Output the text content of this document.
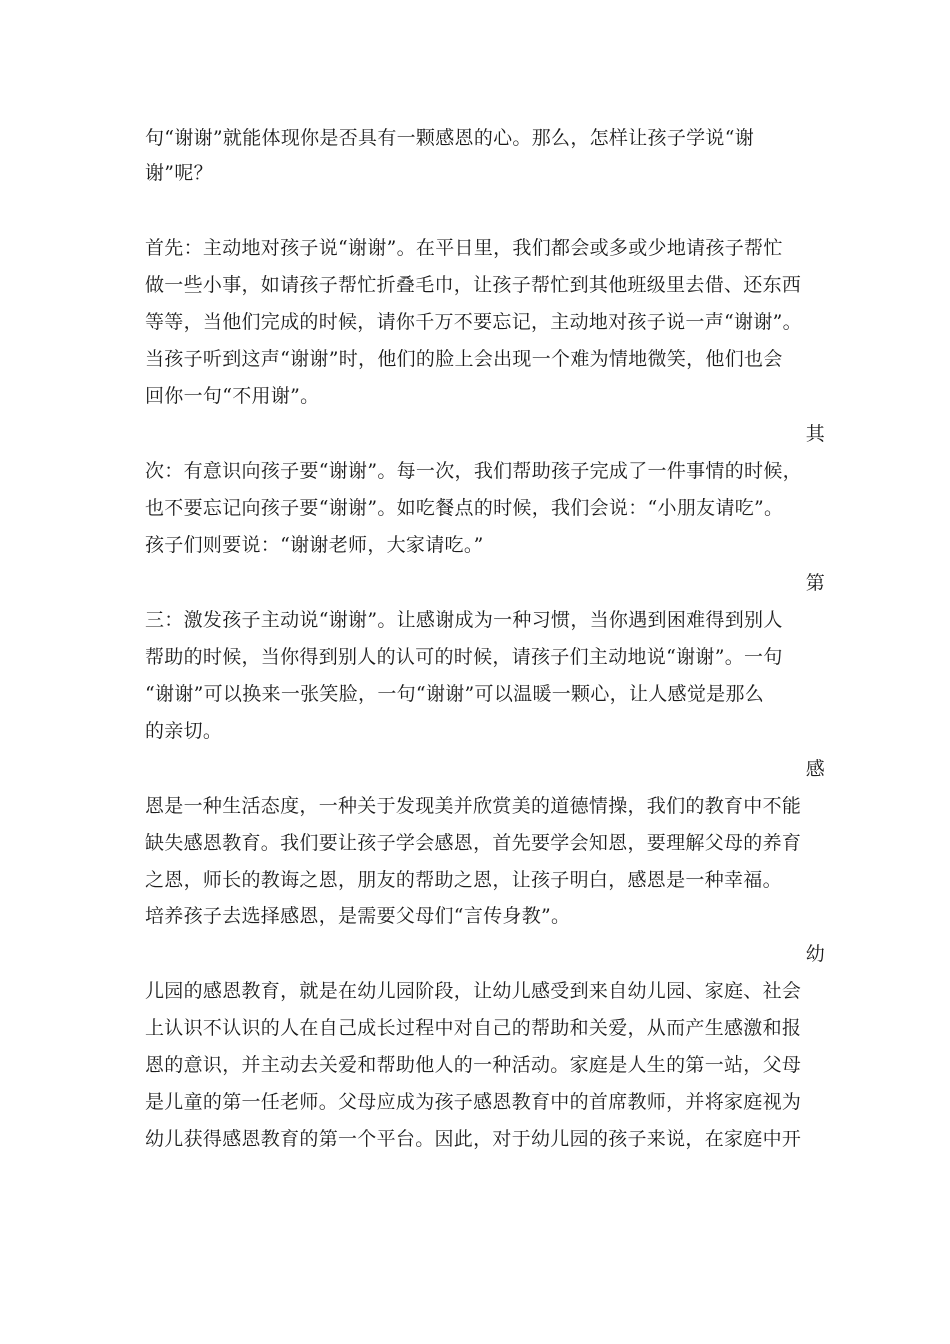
句“谢谢”就能体现你是否具有一颗感恩的心。那么，怎样让孩子学说“谢
谢”呢？
首先：主动地对孩子说“谢谢”。在平日里，我们都会或多或少地请孩子帮忙
做一些小事，如请孩子帮忙折叠毛巾，让孩子帮忙到其他班级里去借、还东西
等等，当他们完成的时候，请你千万不要忘记，主动地对孩子说一声“谢谢”。
当孩子听到这声“谢谢”时，他们的脸上会出现一个难为情地微笑，他们也会
回你一句“不用谢”。
其
次：有意识向孩子要“谢谢”。每一次，我们帮助孩子完成了一件事情的时候，
也不要忘记向孩子要“谢谢”。如吃餐点的时候，我们会说：“小朋友请吃”。
孩子们则要说：“谢谢老师，大家请吃。”
第
三：激发孩子主动说“谢谢”。让感谢成为一种习惯，当你遇到困难得到别人
帮助的时候，当你得到别人的认可的时候，请孩子们主动地说“谢谢”。一句
“谢谢”可以换来一张笑脸，一句“谢谢”可以温暖一颗心，让人感觉是那么
的亲切。
感
恩是一种生活态度，一种关于发现美并欣赏美的道德情操，我们的教育中不能
缺失感恩教育。我们要让孩子学会感恩，首先要学会知恩，要理解父母的养育
之恩，师长的教诲之恩，朋友的帮助之恩，让孩子明白，感恩是一种幸福。
培养孩子去选择感恩，是需要父母们“言传身教”。
幼
儿园的感恩教育，就是在幼儿园阶段，让幼儿感受到来自幼儿园、家庭、社会
上认识不认识的人在自己成长过程中对自己的帮助和关爱，从而产生感激和报
恩的意识，并主动去关爱和帮助他人的一种活动。家庭是人生的第一站，父母
是儿童的第一任老师。父母应成为孩子感恩教育中的首席教师，并将家庭视为
幼儿获得感恩教育的第一个平台。因此，对于幼儿园的孩子来说，在家庭中开
